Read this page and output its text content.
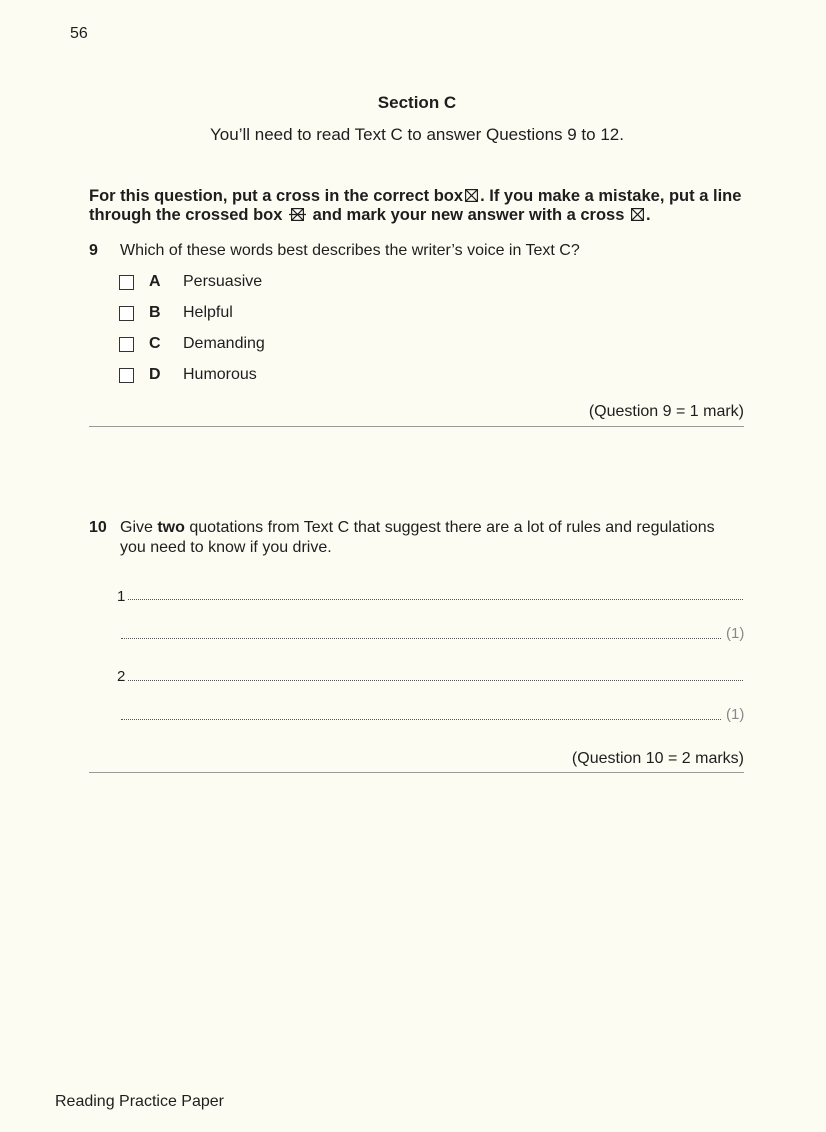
56
Section C
You’ll need to read Text C to answer Questions 9 to 12.
For this question, put a cross in the correct box ☒ . If you make a mistake, put a line through the crossed box and mark your new answer with a cross ☒ .
9 Which of these words best describes the writer’s voice in Text C?
A	Persuasive
B	Helpful
C	Demanding
D	Humorous
(Question 9 = 1 mark)
10 Give two quotations from Text C that suggest there are a lot of rules and regulations you need to know if you drive.
1
(1)
2
(1)
(Question 10 = 2 marks)
Reading Practice Paper
